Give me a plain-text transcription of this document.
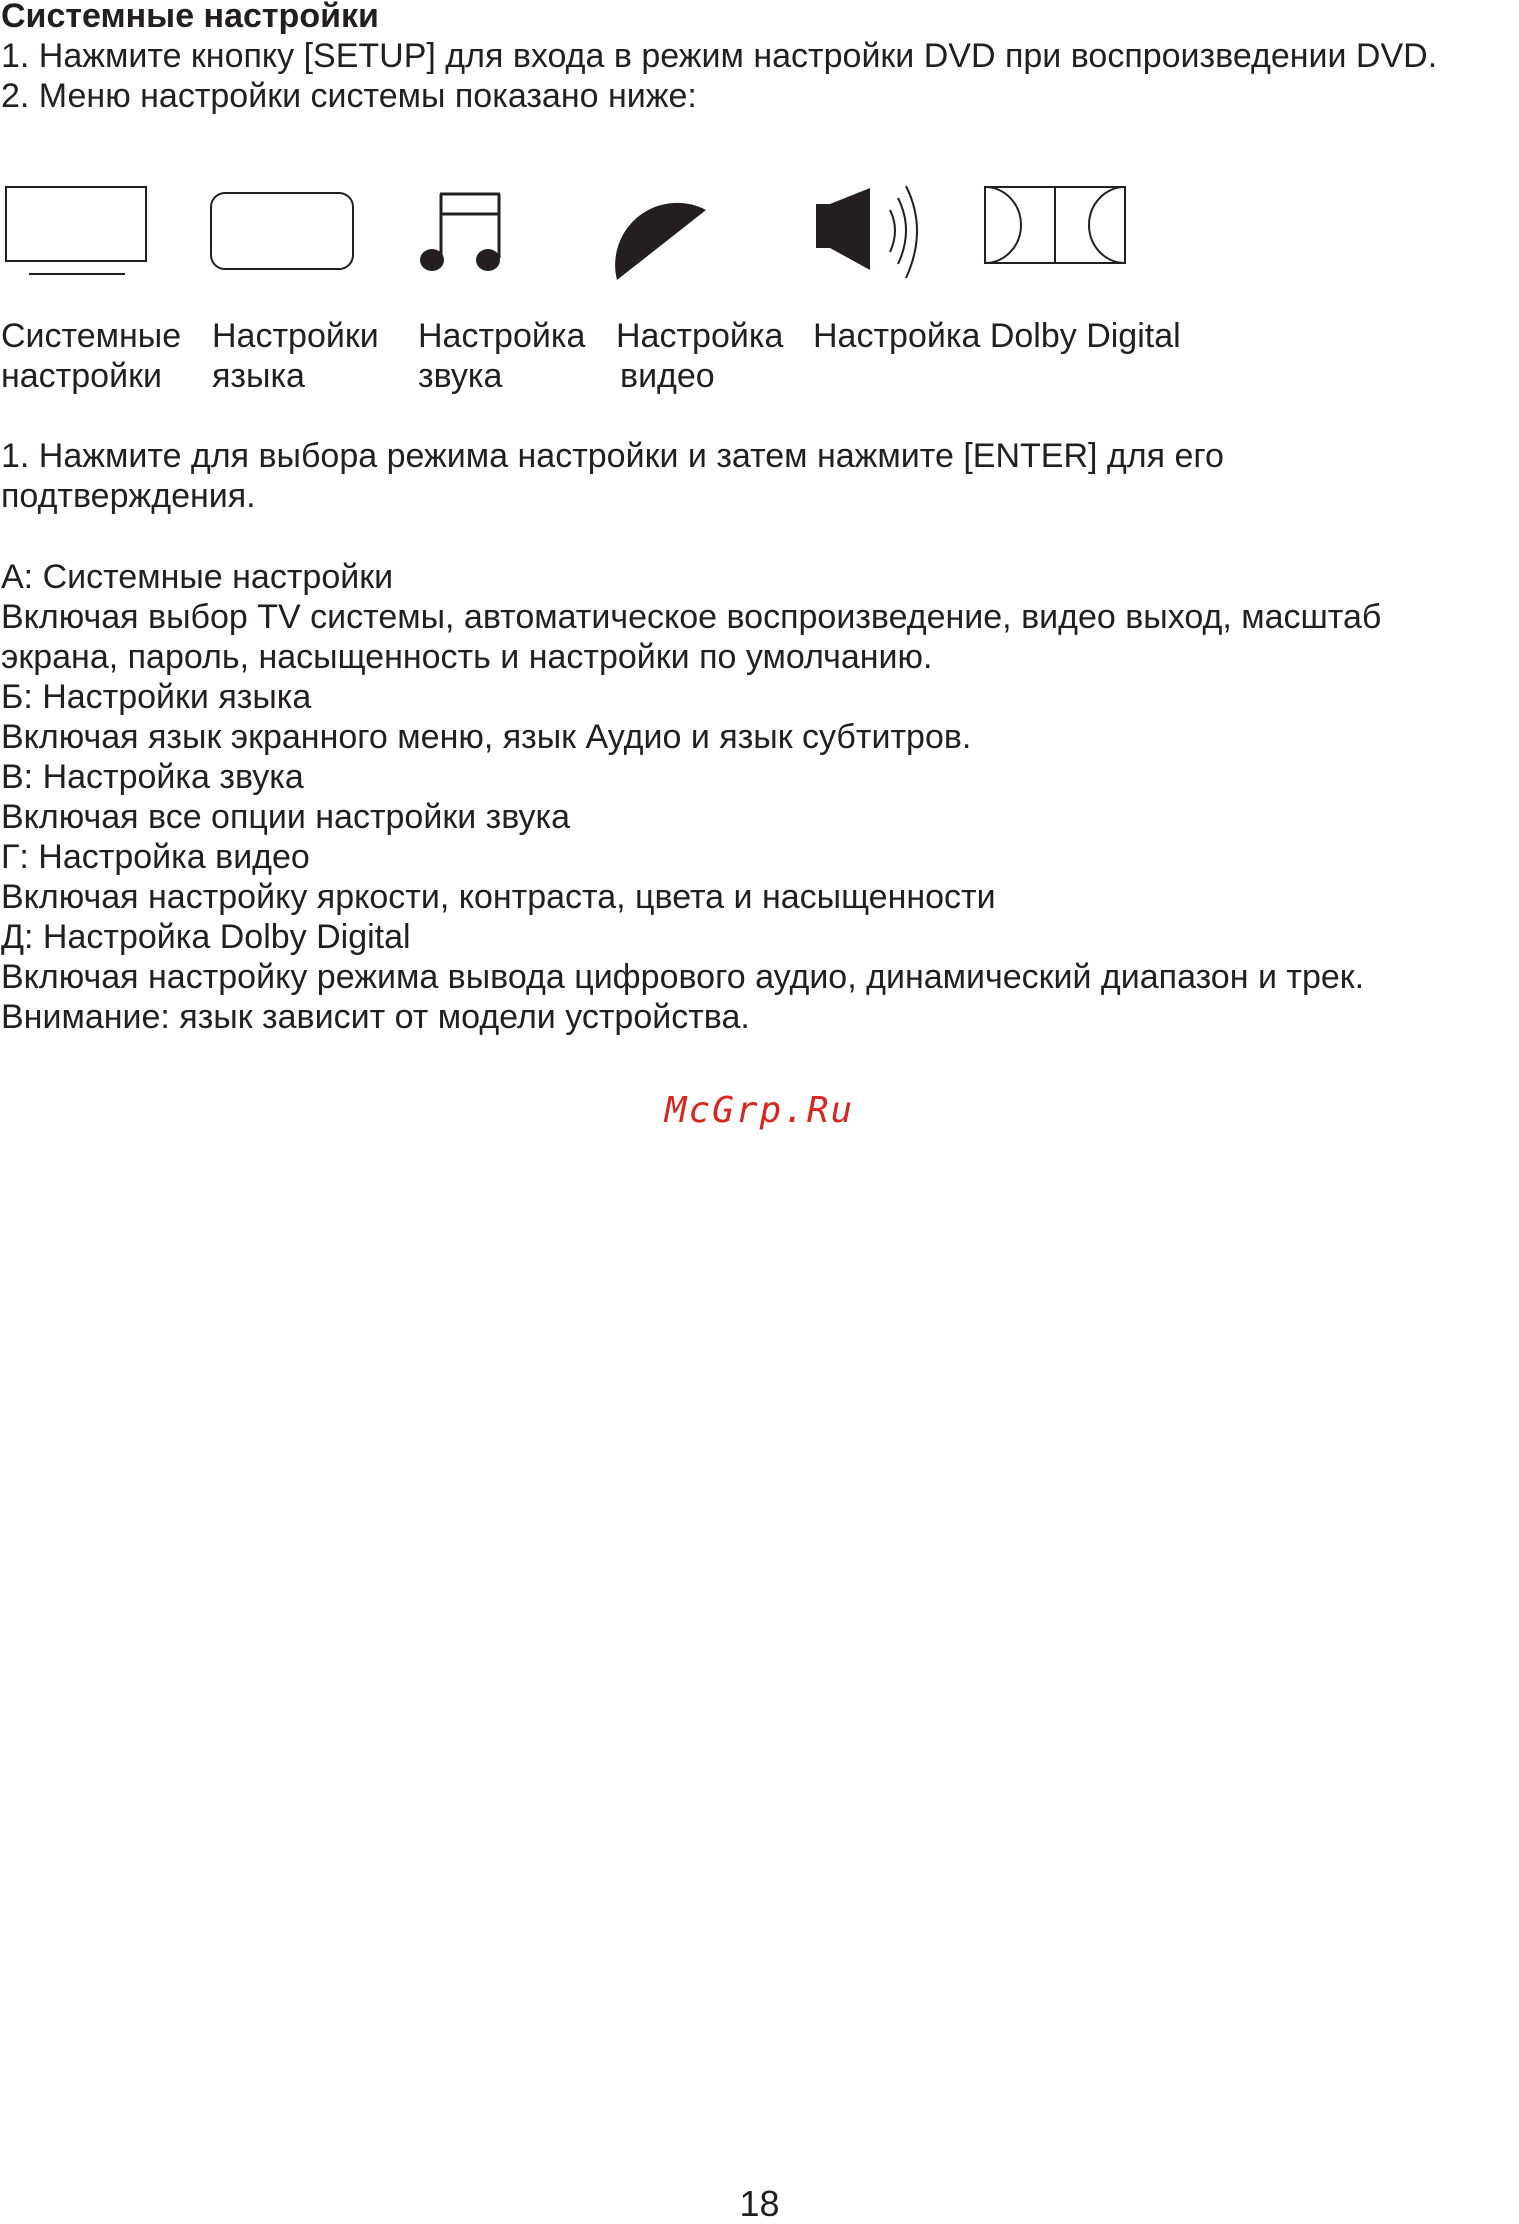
Системные настройки
1. Нажмите кнопку [SETUP] для входа в режим настройки DVD при воспроизведении DVD.
2. Меню настройки системы показано ниже:
Системные
настройки
Настройки
языка
Настройка
звука
Настройка
видео
Настройка Dolby Digital
1. Нажмите для выбора режима настройки и затем нажмите [ENTER] для его
подтверждения.
А: Системные настройки
Включая выбор TV системы, автоматическое воспроизведение, видео выход, масштаб
экрана, пароль, насыщенность и настройки по умолчанию.
Б: Настройки языка
Включая язык экранного меню, язык Аудио и язык субтитров.
В: Настройка звука
Включая все опции настройки звука
Г: Настройка видео
Включая настройку яркости, контраста, цвета и насыщенности
Д: Настройка Dolby Digital
Включая настройку режима вывода цифрового аудио, динамический диапазон и трек.
Внимание: язык зависит от модели устройства.
McGrp.Ru
18
